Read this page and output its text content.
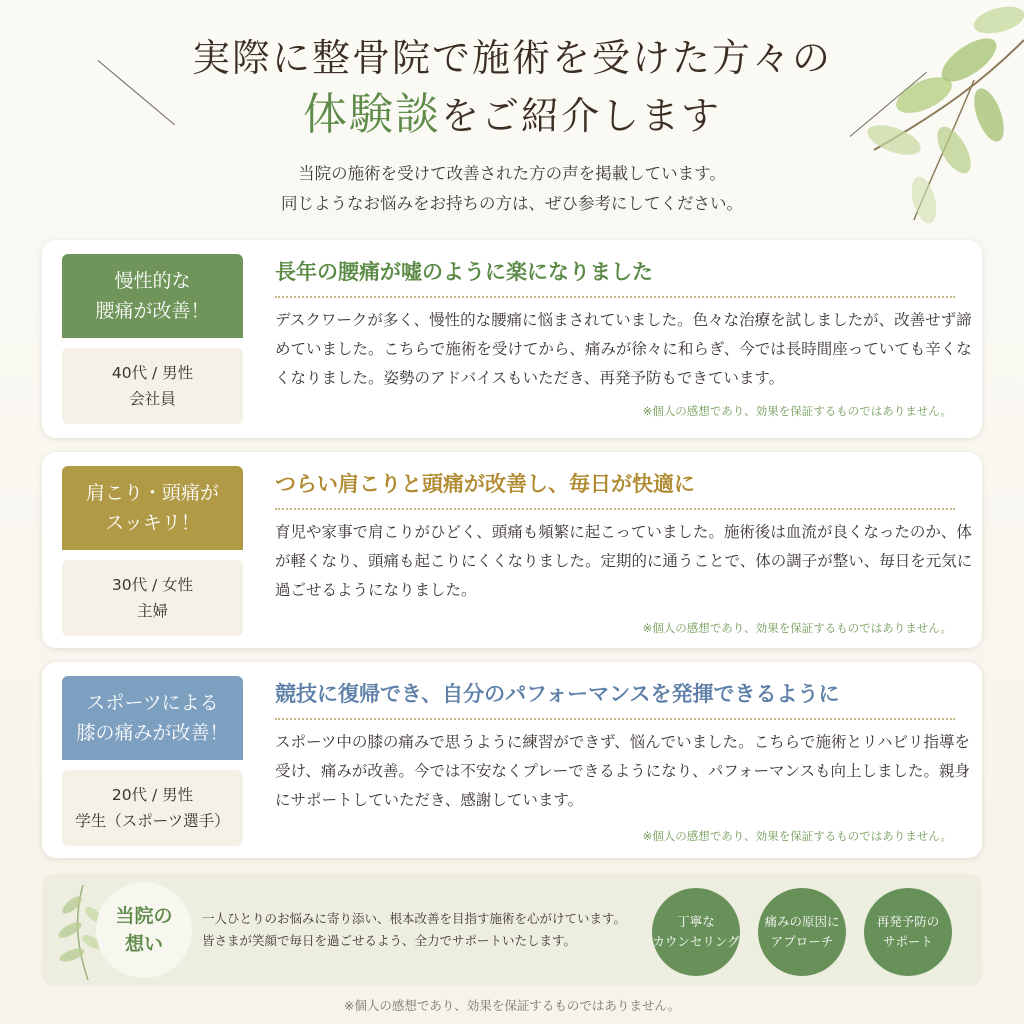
実際に整骨院で施術を受けた方々の
体験談をご紹介します
当院の施術を受けて改善された方の声を掲載しています。
同じようなお悩みをお持ちの方は、ぜひ参考にしてください。
慢性的な
腰痛が改善！
40代 / 男性
会社員
長年の腰痛が嘘のように楽になりました
デスクワークが多く、慢性的な腰痛に悩まされていました。色々な治療を試しましたが、改善せず諦めていました。こちらで施術を受けてから、痛みが徐々に和らぎ、今では長時間座っていても辛くなくなりました。姿勢のアドバイスもいただき、再発予防もできています。
※個人の感想であり、効果を保証するものではありません。
肩こり・頭痛が
スッキリ！
30代 / 女性
主婦
つらい肩こりと頭痛が改善し、毎日が快適に
育児や家事で肩こりがひどく、頭痛も頻繁に起こっていました。施術後は血流が良くなったのか、体が軽くなり、頭痛も起こりにくくなりました。定期的に通うことで、体の調子が整い、毎日を元気に過ごせるようになりました。
※個人の感想であり、効果を保証するものではありません。
スポーツによる
膝の痛みが改善！
20代 / 男性
学生（スポーツ選手）
競技に復帰でき、自分のパフォーマンスを発揮できるように
スポーツ中の膝の痛みで思うように練習ができず、悩んでいました。こちらで施術とリハビリ指導を受け、痛みが改善。今では不安なくプレーできるようになり、パフォーマンスも向上しました。親身にサポートしていただき、感謝しています。
※個人の感想であり、効果を保証するものではありません。
当院の
想い
一人ひとりのお悩みに寄り添い、根本改善を目指す施術を心がけています。
皆さまが笑顔で毎日を過ごせるよう、全力でサポートいたします。
丁寧な
カウンセリング
痛みの原因に
アプローチ
再発予防の
サポート
※個人の感想であり、効果を保証するものではありません。
